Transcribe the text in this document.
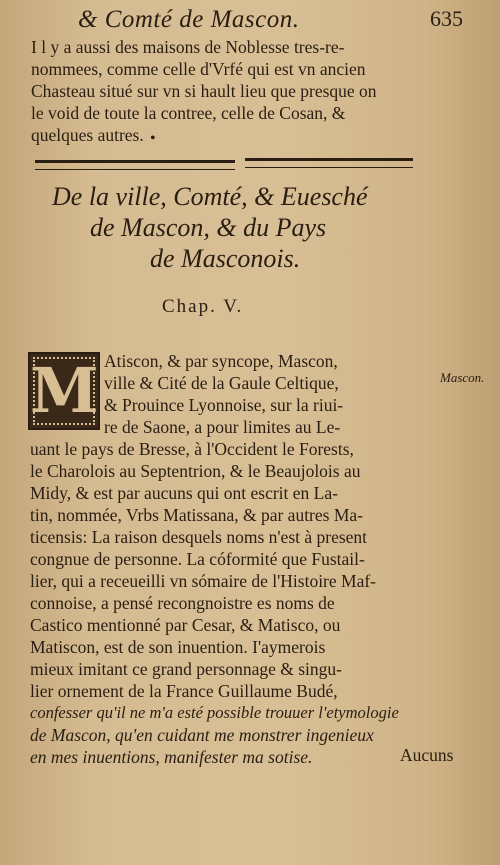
& Comté de Mascon.	635
I l y a aussi des maisons de Noblesse tres-re-
nommees, comme celle d'Vrfé qui est vn ancien
Chasteau situé sur vn si hault lieu que presque on
le void de toute la contree, celle de Cosan, &
quelques autres. •
De la ville, Comté, & Euesché
de Mascon, & du Pays
de Masconois.
Chap. V.
M	Mascon.
Atiscon, & par syncope, Mascon,
ville & Cité de la Gaule Celtique,
& Prouince Lyonnoise, sur la riui-
re de Saone, a pour limites au Le-
uant le pays de Bresse, à l'Occident le Forests,
le Charolois au Septentrion, & le Beaujolois au
Midy, & est par aucuns qui ont escrit en La-
tin, nommée, Vrbs Matissana, & par autres Ma-
ticensis: La raison desquels noms n'est à present
congnue de personne. La cóformité que Fustail-
lier, qui a receueilli vn sómaire de l'Histoire Maf-
connoise, a pensé recongnoistre es noms de
Castico mentionné par Cesar, & Matisco, ou
Matiscon, est de son inuention. I'aymerois
mieux imitant ce grand personnage & singu-
lier ornement de la France Guillaume Budé,
confesser qu'il ne m'a esté possible trouuer l'etymologie
de Mascon, qu'en cuidant me monstrer ingenieux
en mes inuentions, manifester ma sotise.	Aucuns
